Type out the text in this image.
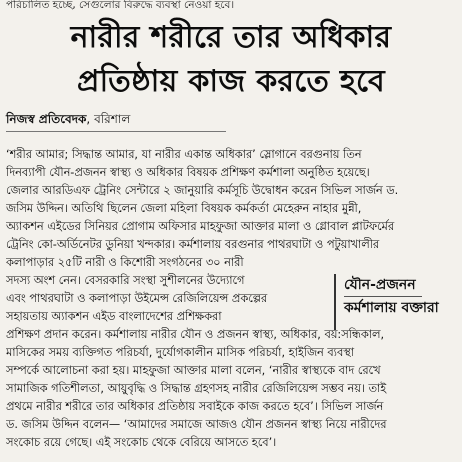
পরিচালিত হচ্ছে, সেগুলোর বিরুদ্ধে ব্যবস্থা নেওয়া হবে।
নারীর শরীরে তার অধিকার
প্রতিষ্ঠায় কাজ করতে হবে
নিজস্ব প্রতিবেদক, বরিশাল
‘শরীর আমার; সিদ্ধান্ত আমার, যা নারীর একান্ত অধিকার’ স্লোগানে বরগুনায় তিন
দিনব্যাপী যৌন-প্রজনন স্বাস্থ্য ও অধিকার বিষয়ক প্রশিক্ষণ কর্মশালা অনুষ্ঠিত হয়েছে।
জেলার আরডিএফ ট্রেনিং সেন্টারে ২ জানুয়ারি কর্মসূচি উদ্বোধন করেন সিভিল সার্জন ড.
জসিম উদ্দিন। অতিথি ছিলেন জেলা মহিলা বিষয়ক কর্মকর্তা মেহেরুন নাহার মুন্নী,
অ্যাকশন এইডের সিনিয়র প্রোগাম অফিসার মাহফুজা আক্তার মালা ও গ্লোবাল প্লাটফর্মের
ট্রেনিং কো-অর্ডিনেটর ডুনিয়া খন্দকার। কর্মশালায় বরগুনার পাথরঘাটা ও পটুয়াখালীর
কলাপাড়ার ২৫টি নারী ও কিশোরী সংগঠনের ৩০ নারী
সদস্য অংশ নেন। বেসরকারি সংস্থা সুশীলনের উদ্যোগে
এবং পাথরঘাটা ও কলাপাড়া উইমেন্স রেজিলিয়েন্স প্রকল্পের
সহায়তায় অ্যাকশন এইড বাংলাদেশের প্রশিক্ষকরা
যৌন-প্রজনন
কর্মশালায় বক্তারা
প্রশিক্ষণ প্রদান করেন। কর্মশালায় নারীর যৌন ও প্রজনন স্বাস্থ্য, অধিকার, বয়:সন্ধিকাল,
মাসিকের সময় ব্যক্তিগত পরিচর্যা, দুর্যোগকালীন মাসিক পরিচর্যা, হাইজিন ব্যবস্থা
সম্পর্কে আলোচনা করা হয়। মাহফুজা আক্তার মালা বলেন, ‘নারীর স্বাস্থ্যকে বাদ রেখে
সামাজিক গতিশীলতা, আয়ুবৃদ্ধি ও সিদ্ধান্ত গ্রহণসহ নারীর রেজিলিয়েন্স সম্ভব নয়। তাই
প্রথমে নারীর শরীরে তার অধিকার প্রতিষ্ঠায় সবাইকে কাজ করতে হবে’। সিভিল সার্জন
ড. জসিম উদ্দিন বলেন— ‘আমাদের সমাজে আজও যৌন প্রজনন স্বাস্থ্য নিয়ে নারীদের
সংকোচ রয়ে গেছে। এই সংকোচ থেকে বেরিয়ে আসতে হবে’।
